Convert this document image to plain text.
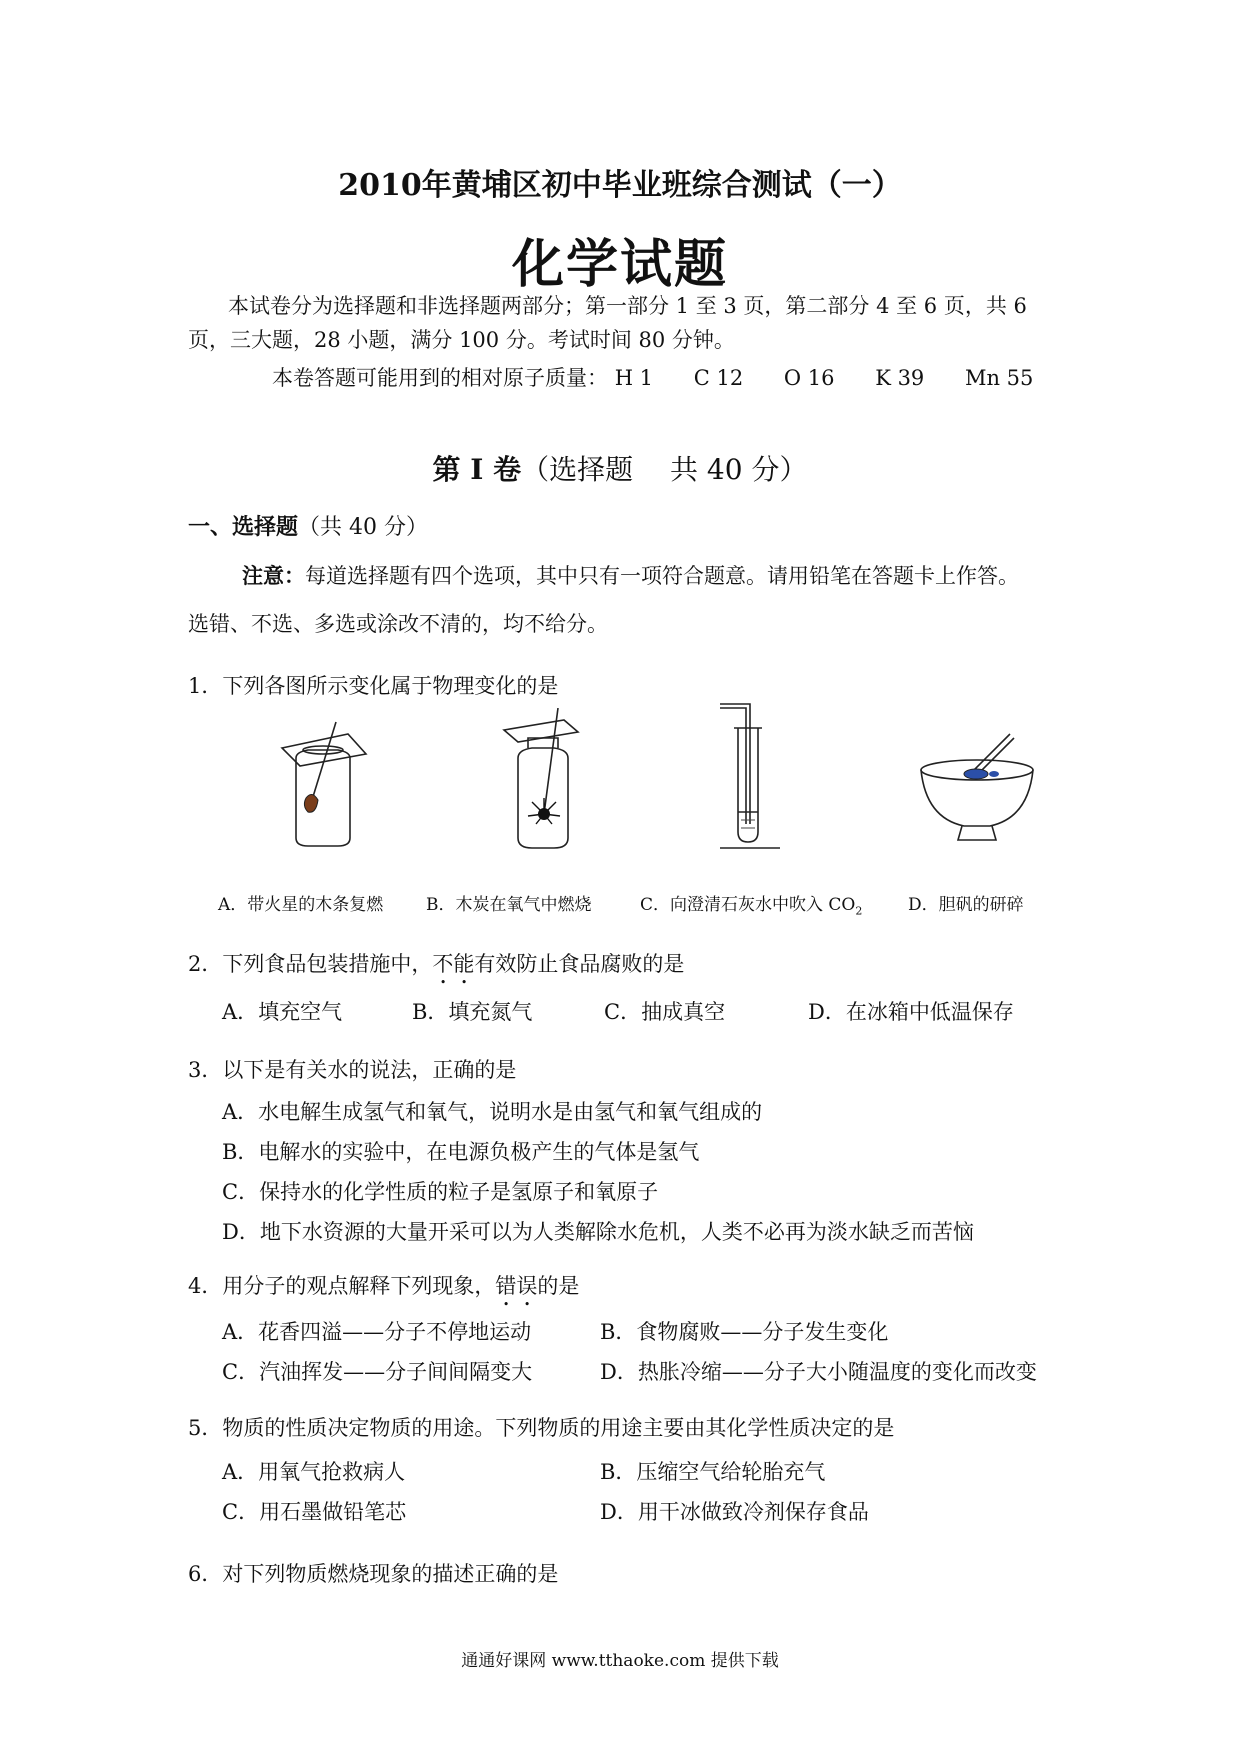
2010年黄埔区初中毕业班综合测试（一）
化学试题
本试卷分为选择题和非选择题两部分；第一部分 1 至 3 页，第二部分 4 至 6 页，共 6
页，三大题，28 小题，满分 100 分。考试时间 80 分钟。
本卷答题可能用到的相对原子质量： H 1 C 12 O 16 K 39 Mn 55
第 I 卷（选择题　 共 40 分）
一、选择题（共 40 分）
注意：每道选择题有四个选项，其中只有一项符合题意。请用铅笔在答题卡上作答。
选错、不选、多选或涂改不清的，均不给分。
1．下列各图所示变化属于物理变化的是
A．带火星的木条复燃	B．木炭在氧气中燃烧	C．向澄清石灰水中吹入 $CO_2$	D．胆矾的研碎
2．下列食品包装措施中，不能有效防止食品腐败的是
A．填充空气	B．填充氮气	C．抽成真空	D．在冰箱中低温保存
3．以下是有关水的说法，正确的是
A．水电解生成氢气和氧气，说明水是由氢气和氧气组成的
B．电解水的实验中，在电源负极产生的气体是氢气
C．保持水的化学性质的粒子是氢原子和氧原子
D．地下水资源的大量开采可以为人类解除水危机，人类不必再为淡水缺乏而苦恼
4．用分子的观点解释下列现象，错误的是
A．花香四溢——分子不停地运动	B．食物腐败——分子发生变化
C．汽油挥发——分子间间隔变大	D．热胀冷缩——分子大小随温度的变化而改变
5．物质的性质决定物质的用途。下列物质的用途主要由其化学性质决定的是
A．用氧气抢救病人	B．压缩空气给轮胎充气
C．用石墨做铅笔芯	D．用干冰做致冷剂保存食品
6．对下列物质燃烧现象的描述正确的是
通通好课网 www.tthaoke.com 提供下载
